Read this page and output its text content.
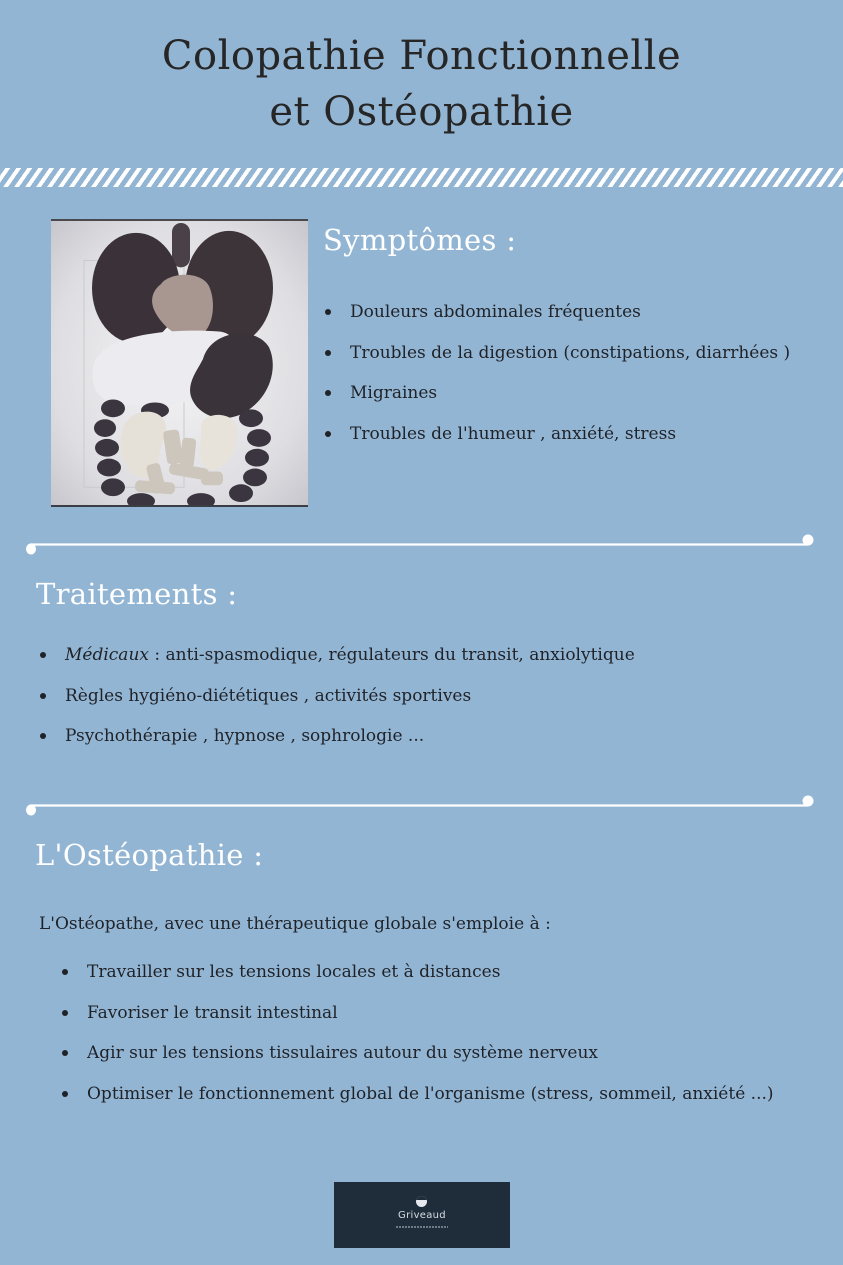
Colopathie Fonctionnelle
et Ostéopathie
Symptômes :
Douleurs abdominales fréquentes
Troubles de la digestion (constipations, diarrhées )
Migraines
Troubles de l'humeur , anxiété, stress
Traitements :
Médicaux : anti-spasmodique, régulateurs du transit, anxiolytique
Règles hygiéno-diététiques , activités sportives
Psychothérapie , hypnose , sophrologie ...
L'Ostéopathie :
L'Ostéopathe, avec une thérapeutique globale s'emploie à :
Travailler sur les tensions locales et à distances
Favoriser le transit intestinal
Agir sur les tensions tissulaires autour du système nerveux
Optimiser le fonctionnement global de l'organisme (stress, sommeil, anxiété ...)
Griveaud
